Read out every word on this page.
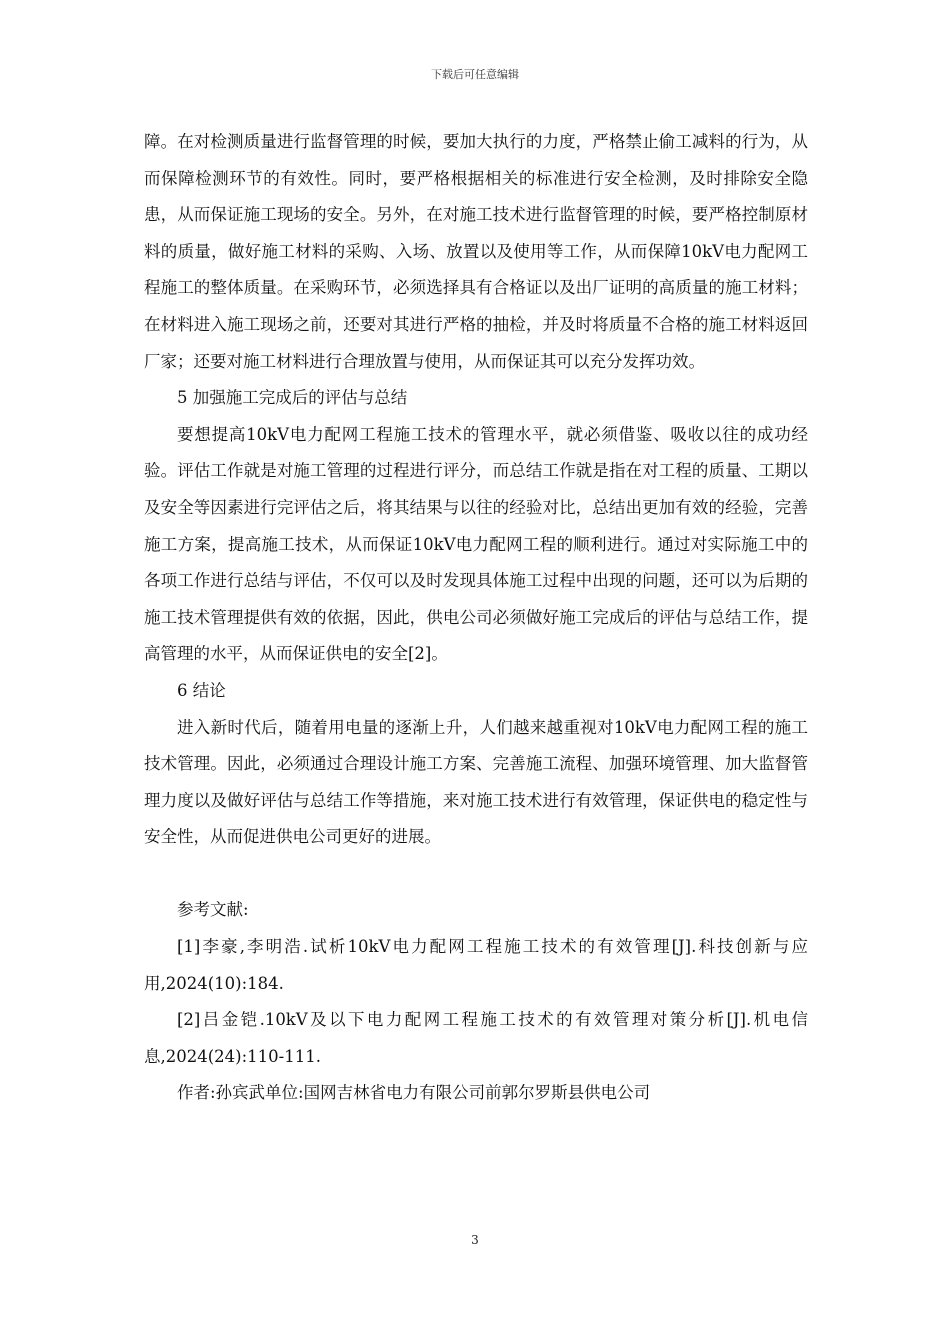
下载后可任意编辑

障。在对检测质量进行监督管理的时候，要加大执行的力度，严格禁止偷工减料的行为，从而保障检测环节的有效性。同时，要严格根据相关的标准进行安全检测，及时排除安全隐患，从而保证施工现场的安全。另外，在对施工技术进行监督管理的时候，要严格控制原材料的质量，做好施工材料的采购、入场、放置以及使用等工作，从而保障10kV电力配网工程施工的整体质量。在采购环节，必须选择具有合格证以及出厂证明的高质量的施工材料；在材料进入施工现场之前，还要对其进行严格的抽检，并及时将质量不合格的施工材料返回厂家；还要对施工材料进行合理放置与使用，从而保证其可以充分发挥功效。

5 加强施工完成后的评估与总结

要想提高10kV电力配网工程施工技术的管理水平，就必须借鉴、吸收以往的成功经验。评估工作就是对施工管理的过程进行评分，而总结工作就是指在对工程的质量、工期以及安全等因素进行完评估之后，将其结果与以往的经验对比，总结出更加有效的经验，完善施工方案，提高施工技术，从而保证10kV电力配网工程的顺利进行。通过对实际施工中的各项工作进行总结与评估，不仅可以及时发现具体施工过程中出现的问题，还可以为后期的施工技术管理提供有效的依据，因此，供电公司必须做好施工完成后的评估与总结工作，提高管理的水平，从而保证供电的安全[2]。

6 结论

进入新时代后，随着用电量的逐渐上升，人们越来越重视对10kV电力配网工程的施工技术管理。因此，必须通过合理设计施工方案、完善施工流程、加强环境管理、加大监督管理力度以及做好评估与总结工作等措施，来对施工技术进行有效管理，保证供电的稳定性与安全性，从而促进供电公司更好的进展。

参考文献:

[1]李豪,李明浩.试析10kV电力配网工程施工技术的有效管理[J].科技创新与应用,2024(10):184.

[2]吕金铠.10kV及以下电力配网工程施工技术的有效管理对策分析[J].机电信息,2024(24):110-111.

作者:孙宾武单位:国网吉林省电力有限公司前郭尔罗斯县供电公司

3
